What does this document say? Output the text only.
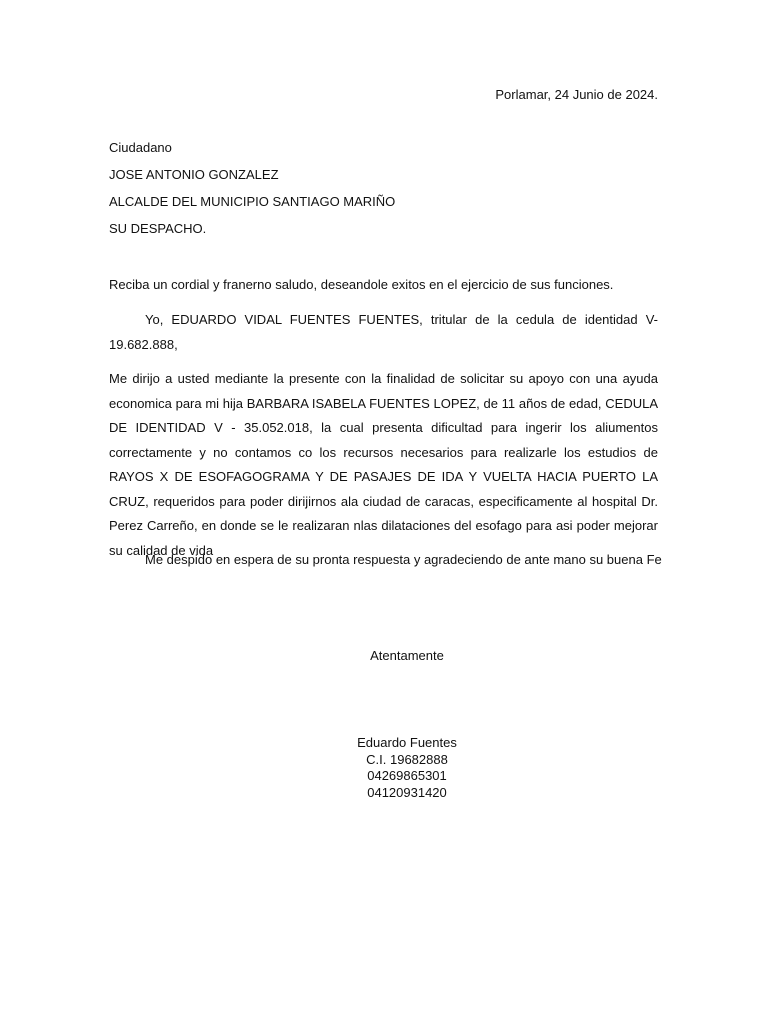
Porlamar, 24 Junio de 2024.
Ciudadano
JOSE ANTONIO GONZALEZ
ALCALDE DEL MUNICIPIO SANTIAGO MARIÑO
SU DESPACHO.

Reciba un cordial y franerno saludo, deseandole exitos en el ejercicio de sus funciones.

Yo, EDUARDO VIDAL FUENTES FUENTES, tritular de la cedula de identidad V-19.682.888,

Me dirijo a usted mediante la presente con la finalidad de solicitar su apoyo con una ayuda economica para mi hija BARBARA ISABELA FUENTES LOPEZ, de 11 años de edad, CEDULA DE IDENTIDAD V - 35.052.018, la cual presenta dificultad para ingerir los aliumentos correctamente y no contamos co los recursos necesarios para realizarle los estudios de RAYOS X DE ESOFAGOGRAMA Y DE PASAJES DE IDA Y VUELTA HACIA PUERTO LA CRUZ, requeridos para poder dirijirnos ala ciudad de caracas, especificamente al hospital Dr. Perez Carreño, en donde se le realizaran nlas dilataciones del esofago para asi poder mejorar su calidad de vida

Me despido en espera de su pronta respuesta y agradeciendo de ante mano su buena Fe

Atentamente
Eduardo Fuentes
C.I. 19682888
04269865301
04120931420
